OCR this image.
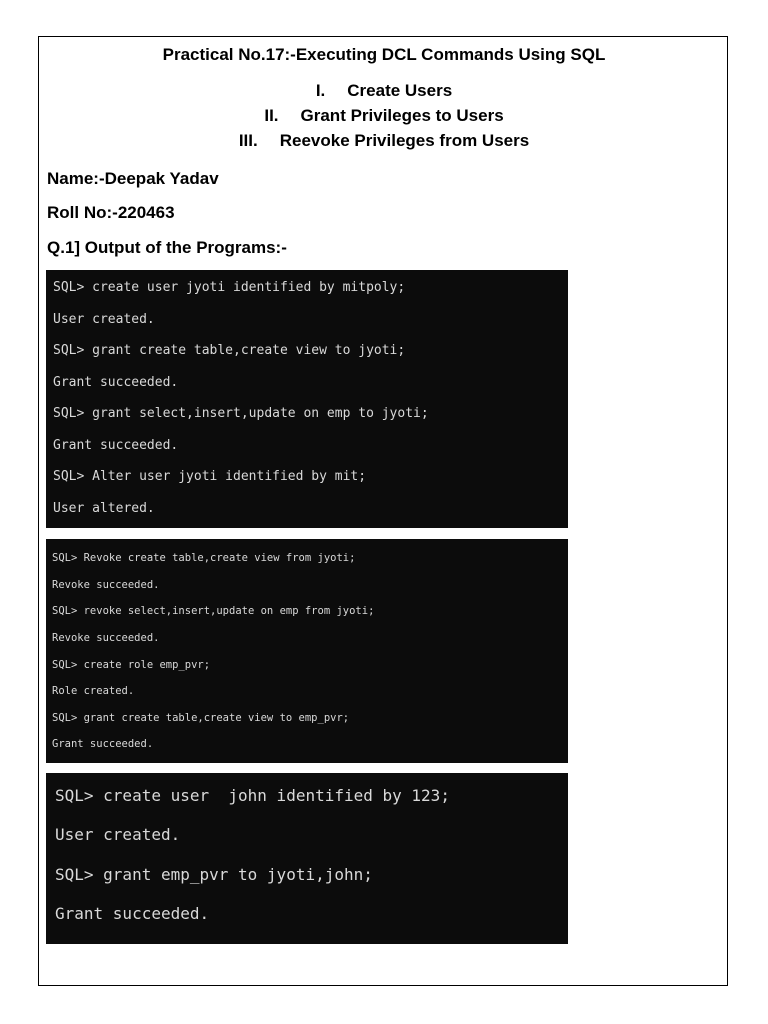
Practical No.17:-Executing DCL Commands Using SQL
I. Create Users
II. Grant Privileges to Users
III. Reevoke Privileges from Users
Name:-Deepak Yadav
Roll No:-220463
Q.1] Output of the Programs:-
SQL> create user jyoti identified by mitpoly;
User created.
SQL> grant create table,create view to jyoti;
Grant succeeded.
SQL> grant select,insert,update on emp to jyoti;
Grant succeeded.
SQL> Alter user jyoti identified by mit;
User altered.
SQL> Revoke create table,create view from jyoti;
Revoke succeeded.
SQL> revoke select,insert,update on emp from jyoti;
Revoke succeeded.
SQL> create role emp_pvr;
Role created.
SQL> grant create table,create view to emp_pvr;
Grant succeeded.
SQL> create user  john identified by 123;
User created.
SQL> grant emp_pvr to jyoti,john;
Grant succeeded.
